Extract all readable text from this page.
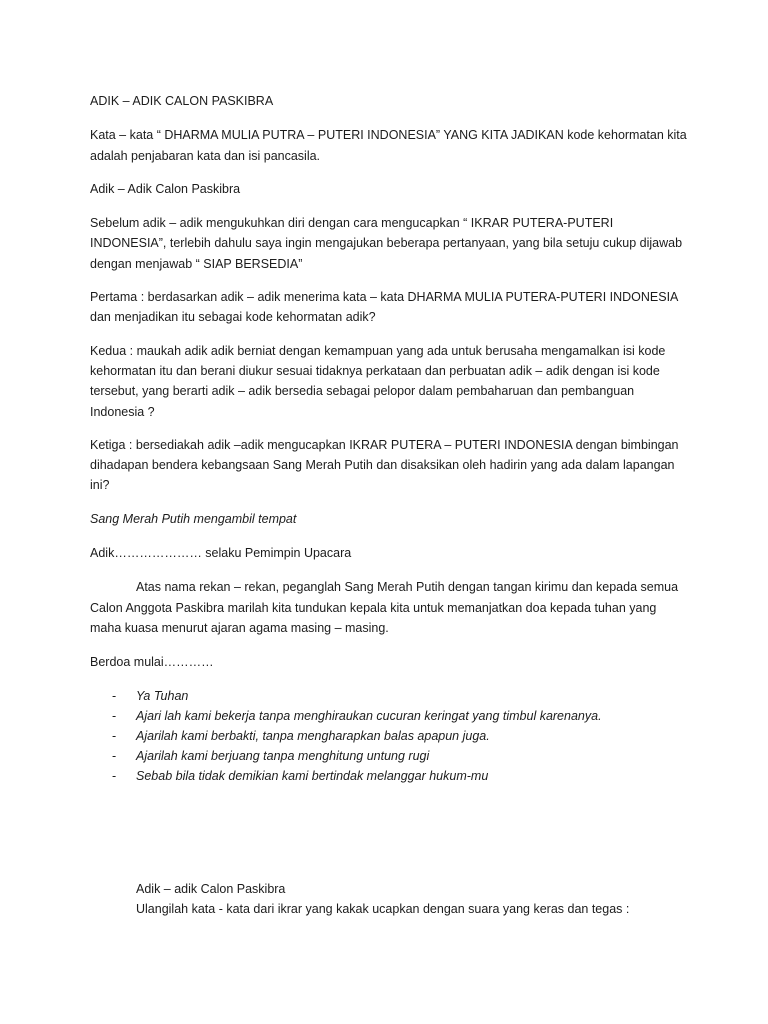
ADIK – ADIK CALON PASKIBRA

Kata – kata “ DHARMA MULIA PUTRA – PUTERI INDONESIA” YANG KITA JADIKAN kode kehormatan kita adalah penjabaran kata dan isi pancasila.

Adik – Adik Calon Paskibra

Sebelum adik – adik mengukuhkan diri dengan cara mengucapkan “ IKRAR PUTERA-PUTERI INDONESIA”, terlebih dahulu saya ingin mengajukan beberapa pertanyaan, yang bila setuju cukup dijawab dengan menjawab “ SIAP BERSEDIA”

Pertama : berdasarkan adik – adik menerima kata – kata DHARMA MULIA PUTERA-PUTERI INDONESIA dan menjadikan itu sebagai kode kehormatan adik?

Kedua : maukah adik adik berniat dengan kemampuan yang ada untuk berusaha mengamalkan isi kode kehormatan itu dan berani diukur sesuai tidaknya perkataan dan perbuatan adik – adik dengan isi kode tersebut, yang berarti adik – adik bersedia sebagai pelopor dalam pembaharuan dan pembanguan Indonesia ?

Ketiga : bersediakah adik –adik mengucapkan IKRAR PUTERA – PUTERI INDONESIA dengan bimbingan dihadapan bendera kebangsaan Sang Merah Putih dan disaksikan oleh hadirin yang ada dalam lapangan ini?

Sang Merah Putih mengambil tempat

Adik………………… selaku Pemimpin Upacara

Atas nama rekan – rekan, peganglah Sang Merah Putih dengan tangan kirimu dan kepada semua Calon Anggota Paskibra marilah kita tundukan kepala kita untuk memanjatkan doa kepada tuhan yang maha kuasa menurut ajaran agama masing – masing.

Berdoa mulai…………

- Ya Tuhan
- Ajari lah kami bekerja tanpa menghiraukan cucuran keringat yang timbul karenanya.
- Ajarilah kami berbakti, tanpa mengharapkan balas apapun juga.
- Ajarilah kami berjuang tanpa menghitung untung rugi
- Sebab bila tidak demikian kami bertindak melanggar hukum-mu

Adik – adik Calon Paskibra

Ulangilah kata - kata dari ikrar yang kakak ucapkan dengan suara yang keras dan tegas :
